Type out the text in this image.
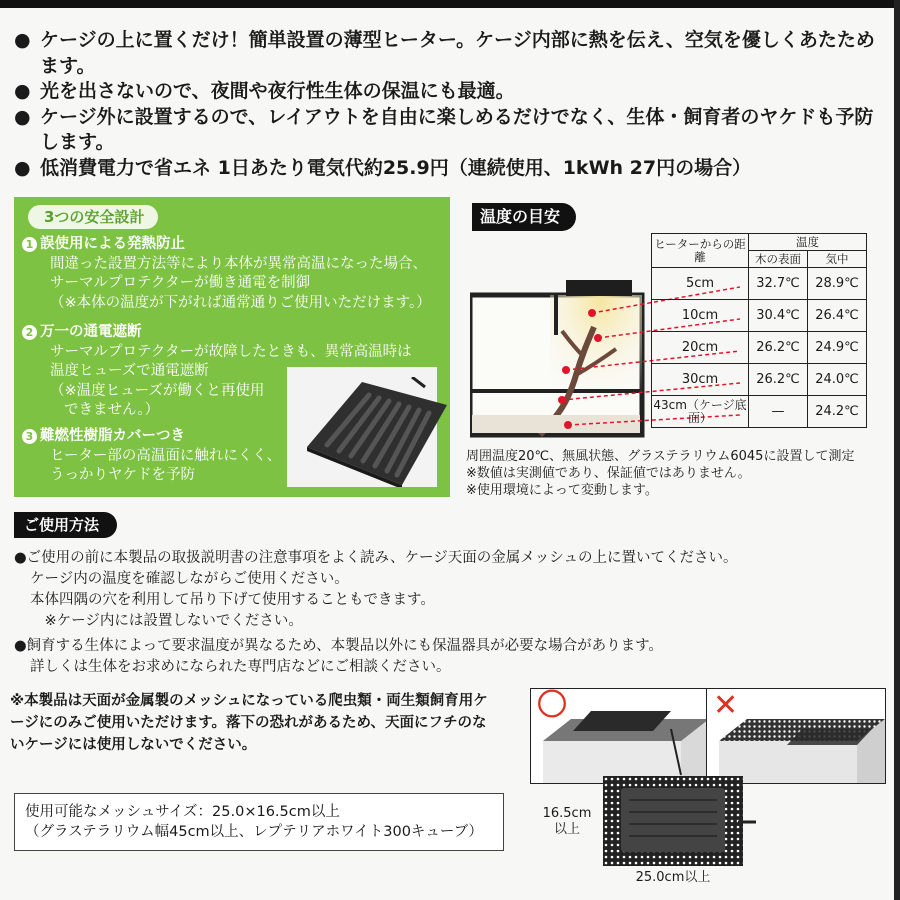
● ケージの上に置くだけ！簡単設置の薄型ヒーター。ケージ内部に熱を伝え、空気を優しくあたためます。
● 光を出さないので、夜間や夜行性生体の保温にも最適。
● ケージ外に設置するので、レイアウトを自由に楽しめるだけでなく、生体・飼育者のヤケドも予防します。
● 低消費電力で省エネ 1日あたり電気代約25.9円（連続使用、1kWh 27円の場合）
3つの安全設計
1 誤使用による発熱防止
間違った設置方法等により本体が異常高温になった場合、
サーマルプロテクターが働き通電を制御
（※本体の温度が下がれば通常通りご使用いただけます。）
2 万一の通電遮断
サーマルプロテクターが故障したときも、異常高温時は
温度ヒューズで通電遮断
（※温度ヒューズが働くと再使用
できません。）
3 難燃性樹脂カバーつき
ヒーター部の高温面に触れにくく、
うっかりヤケドを予防
温度の目安
ヒーターからの距離	温度	
	木の表面	気中
5cm	32.7℃	28.9℃
10cm	30.4℃	26.4℃
20cm	26.2℃	24.9℃
30cm	26.2℃	24.0℃
43cm（ケージ底面）	—	24.2℃
周囲温度20℃、無風状態、グラステラリウム6045に設置して測定
※数値は実測値であり、保証値ではありません。
※使用環境によって変動します。
ご使用方法
●ご使用の前に本製品の取扱説明書の注意事項をよく読み、ケージ天面の金属メッシュの上に置いてください。
ケージ内の温度を確認しながらご使用ください。
本体四隅の穴を利用して吊り下げて使用することもできます。
　※ケージ内には設置しないでください。
●飼育する生体によって要求温度が異なるため、本製品以外にも保温器具が必要な場合があります。
詳しくは生体をお求めになられた専門店などにご相談ください。
※本製品は天面が金属製のメッシュになっている爬虫類・両生類飼育用ケージにのみご使用いただけます。落下の恐れがあるため、天面にフチのないケージには使用しないでください。
〇	✕
使用可能なメッシュサイズ：25.0×16.5cm以上
（グラステラリウム幅45cm以上、レプテリアホワイト300キューブ）
16.5cm
以上
25.0cm以上
